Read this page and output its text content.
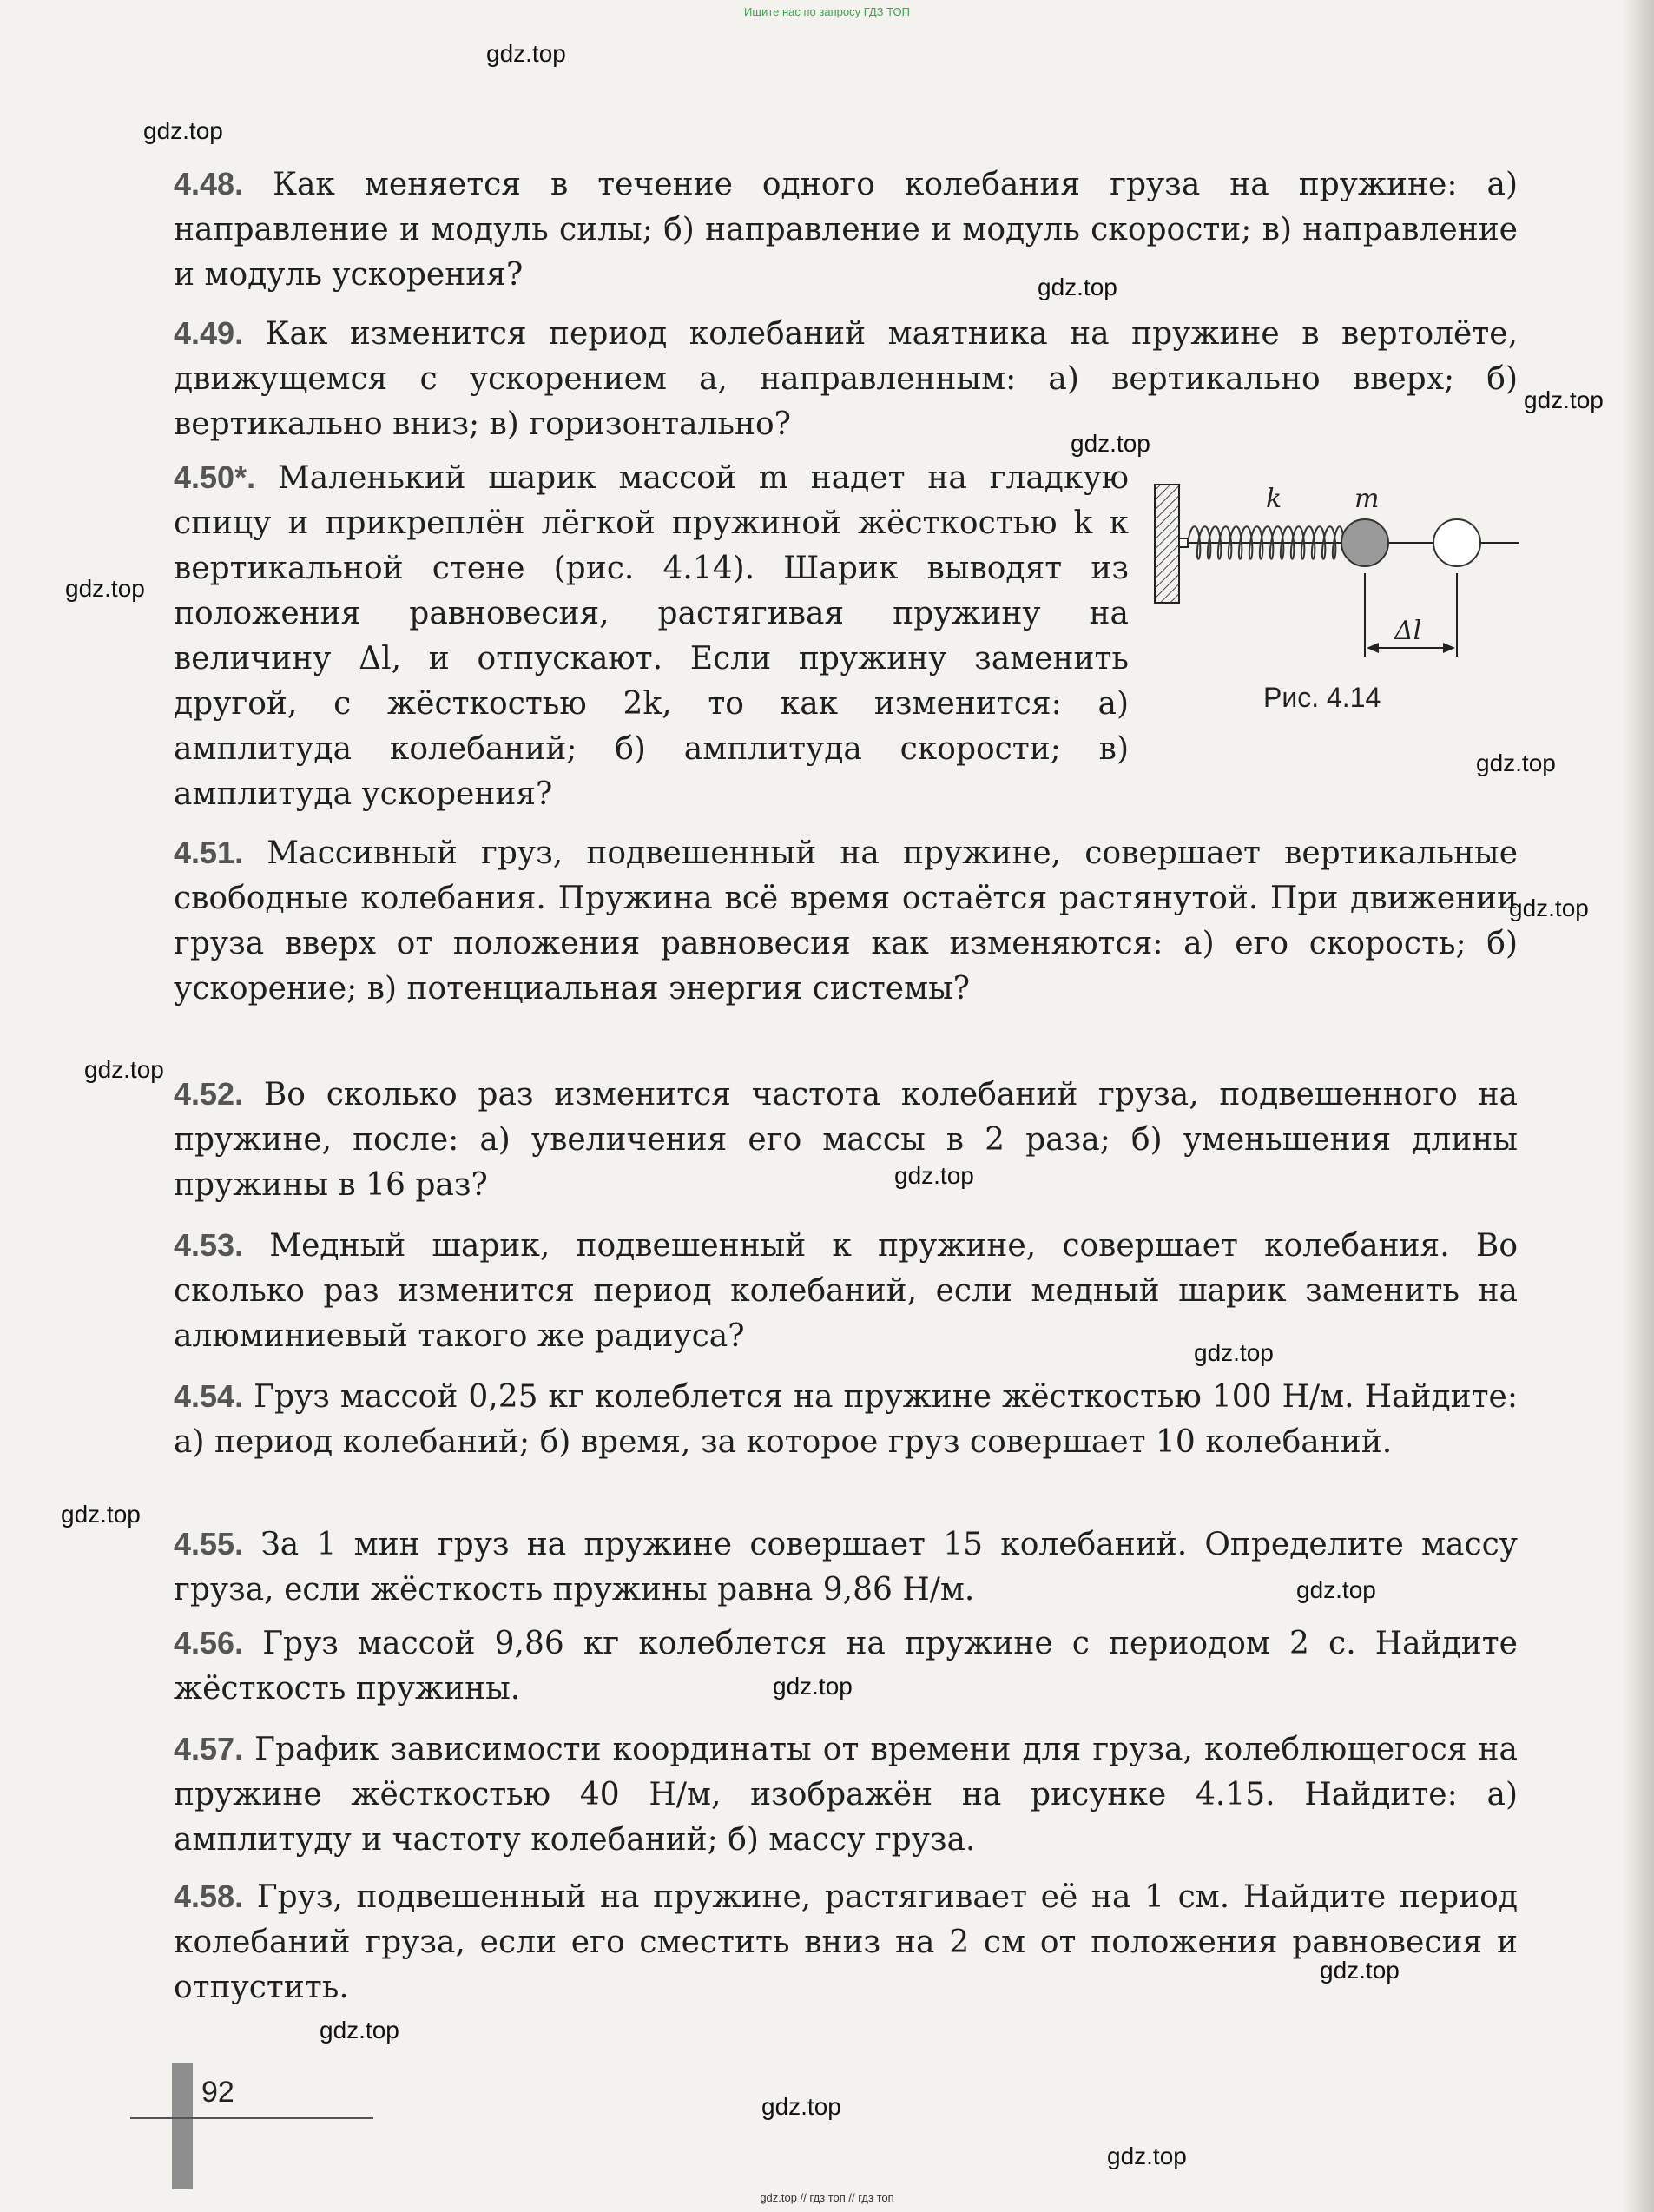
Ищите нас по запросу ГДЗ ТОП
gdz.top
gdz.top
gdz.top
gdz.top
gdz.top
gdz.top
gdz.top
gdz.top
gdz.top
gdz.top
gdz.top
gdz.top
gdz.top
gdz.top
gdz.top
gdz.top
gdz.top
gdz.top
4.48. Как меняется в течение одного колебания груза на пружине: а) направление и модуль силы; б) направление и модуль скорости; в) направление и модуль ускорения?
4.49. Как изменится период колебаний маятника на пружине в вертолёте, движущемся с ускорением a, направленным: а) вертикально вверх; б) вертикально вниз; в) горизонтально?
4.50*. Маленький шарик массой m надет на гладкую спицу и прикреплён лёгкой пружиной жёсткостью k к вертикальной стене (рис. 4.14). Шарик выводят из положения равновесия, растягивая пружину на величину Δl, и отпускают. Если пружину заменить другой, с жёсткостью 2k, то как изменится: а) амплитуда колебаний; б) амплитуда скорости; в) амплитуда ускорения?
4.51. Массивный груз, подвешенный на пружине, совершает вертикальные свободные колебания. Пружина всё время остаётся растянутой. При движении груза вверх от положения равновесия как изменяются: а) его скорость; б) ускорение; в) потенциальная энергия системы?
4.52. Во сколько раз изменится частота колебаний груза, подвешенного на пружине, после: а) увеличения его массы в 2 раза; б) уменьшения длины пружины в 16 раз?
4.53. Медный шарик, подвешенный к пружине, совершает колебания. Во сколько раз изменится период колебаний, если медный шарик заменить на алюминиевый такого же радиуса?
4.54. Груз массой 0,25 кг колеблется на пружине жёсткостью 100 Н/м. Найдите: а) период колебаний; б) время, за которое груз совершает 10 колебаний.
4.55. За 1 мин груз на пружине совершает 15 колебаний. Определите массу груза, если жёсткость пружины равна 9,86 Н/м.
4.56. Груз массой 9,86 кг колеблется на пружине с периодом 2 с. Найдите жёсткость пружины.
4.57. График зависимости координаты от времени для груза, колеблющегося на пружине жёсткостью 40 Н/м, изображён на рисунке 4.15. Найдите: а) амплитуду и частоту колебаний; б) массу груза.
4.58. Груз, подвешенный на пружине, растягивает её на 1 см. Найдите период колебаний груза, если его сместить вниз на 2 см от положения равновесия и отпустить.
k	m
Δl
Рис. 4.14
92
gdz.top // гдз топ // гдз топ
